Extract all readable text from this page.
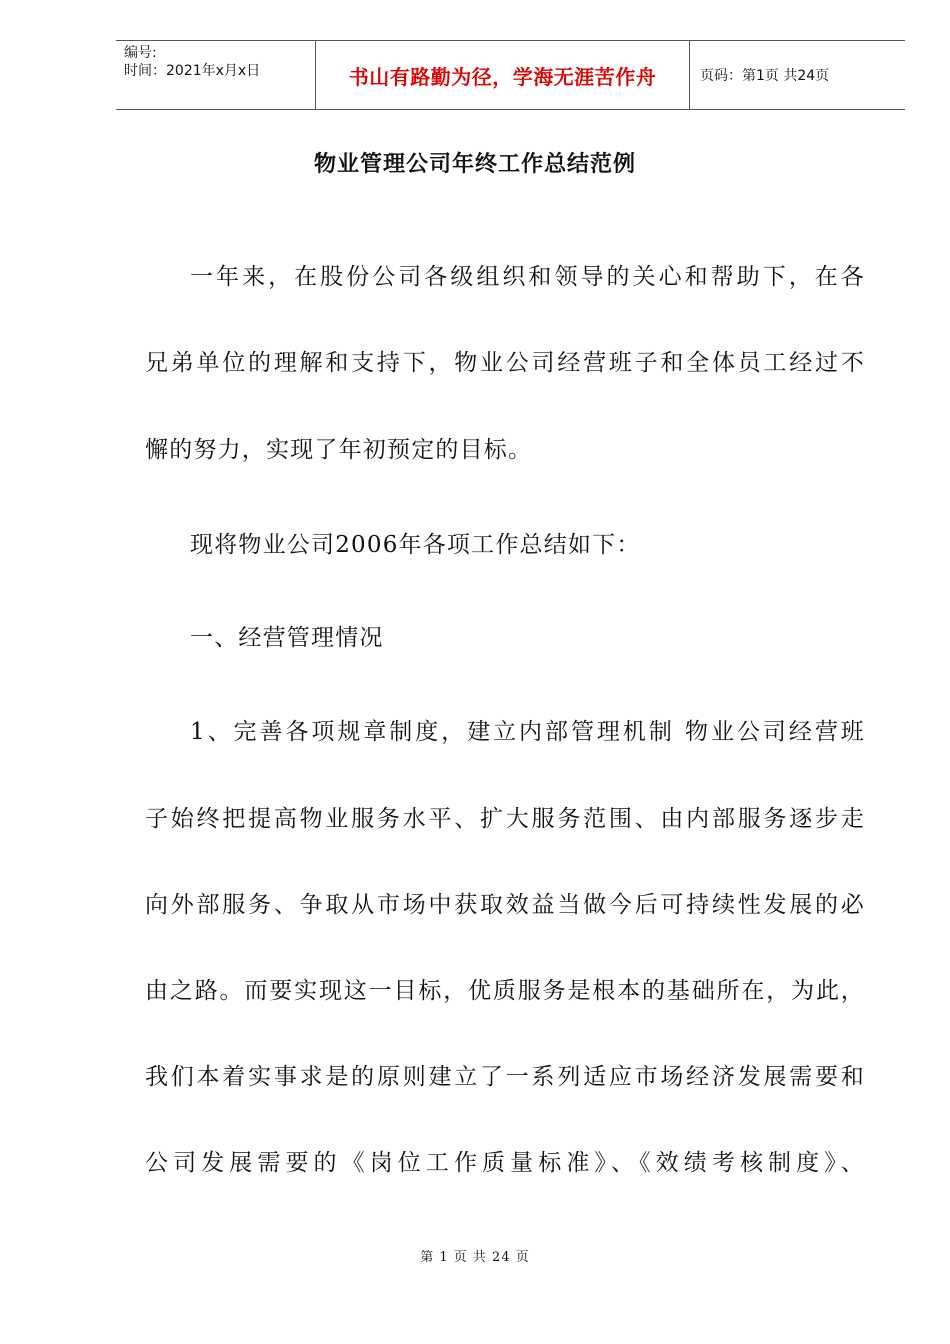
编号:
时间：2021年x月x日	书山有路勤为径，学海无涯苦作舟	页码：第1页 共24页
物业管理公司年终工作总结范例
一年来，在股份公司各级组织和领导的关心和帮助下，在各
兄弟单位的理解和支持下，物业公司经营班子和全体员工经过不
懈的努力，实现了年初预定的目标。
现将物业公司2006年各项工作总结如下：
一、经营管理情况
1、完善各项规章制度，建立内部管理机制 物业公司经营班
子始终把提高物业服务水平、扩大服务范围、由内部服务逐步走
向外部服务、争取从市场中获取效益当做今后可持续性发展的必
由之路。而要实现这一目标，优质服务是根本的基础所在，为此，
我们本着实事求是的原则建立了一系列适应市场经济发展需要和
公司发展需要的《岗位工作质量标准》、《效绩考核制度》、
第 1 页 共 24 页
